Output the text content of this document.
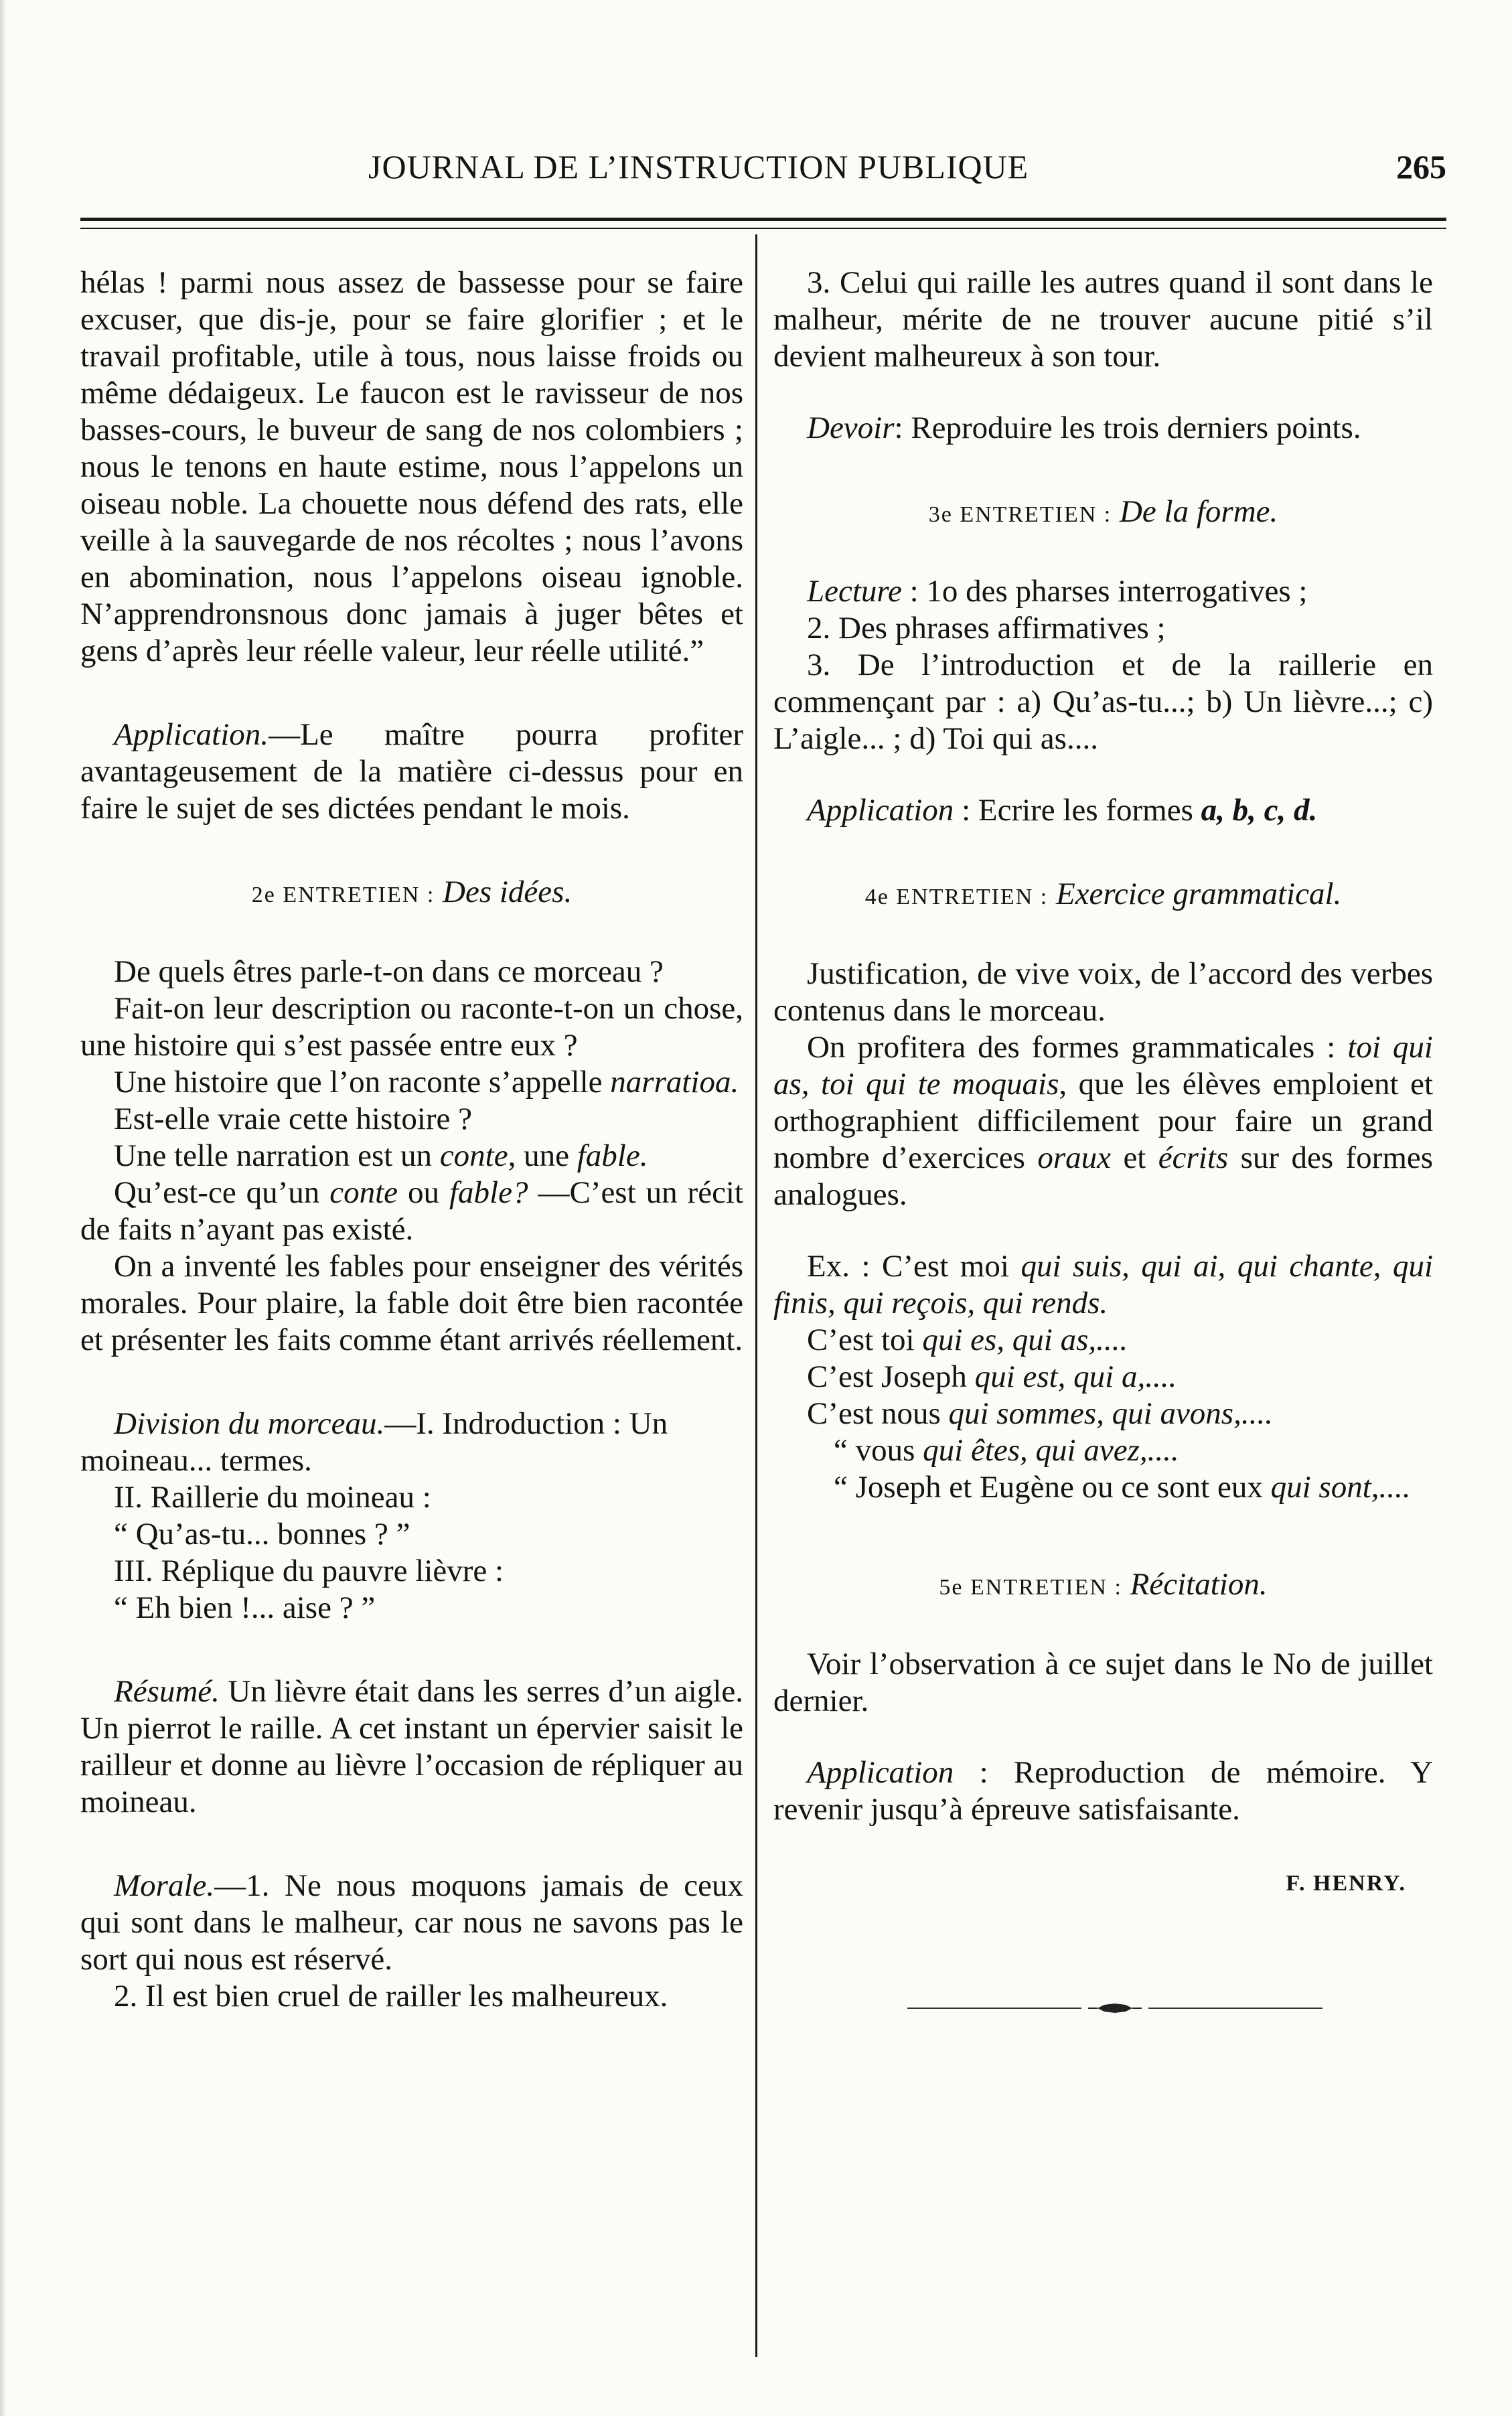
JOURNAL DE L’INSTRUCTION PUBLIQUE	265

hélas ! parmi nous assez de bassesse pour se faire excuser, que dis-je, pour se faire glorifier ; et le travail profitable, utile à tous, nous laisse froids ou même dédaigeux. Le faucon est le ravisseur de nos basses-cours, le buveur de sang de nos colombiers ; nous le tenons en haute estime, nous l’appelons un oiseau noble. La chouette nous défend des rats, elle veille à la sauvegarde de nos récoltes ; nous l’avons en abomination, nous l’appelons oiseau ignoble. N’apprendronsnous donc jamais à juger bêtes et gens d’après leur réelle valeur, leur réelle utilité.”

Application.—Le maître pourra profiter avantageusement de la matière ci-dessus pour en faire le sujet de ses dictées pendant le mois.

2e ENTRETIEN : Des idées.

De quels êtres parle-t-on dans ce morceau ?

Fait-on leur description ou raconte-t-on un chose, une histoire qui s’est passée entre eux ?

Une histoire que l’on raconte s’appelle narratioa.

Est-elle vraie cette histoire ?

Une telle narration est un conte, une fable.

Qu’est-ce qu’un conte ou fable? —C’est un récit de faits n’ayant pas existé.

On a inventé les fables pour enseigner des vérités morales. Pour plaire, la fable doit être bien racontée et présenter les faits comme étant arrivés réellement.

Division du morceau.—I. Indroduction : Un moineau... termes.

II. Raillerie du moineau :

“ Qu’as-tu... bonnes ? ”

III. Réplique du pauvre lièvre :

“ Eh bien !... aise ? ”

Résumé. Un lièvre était dans les serres d’un aigle. Un pierrot le raille. A cet instant un épervier saisit le railleur et donne au lièvre l’occasion de répliquer au moineau.

Morale.—1. Ne nous moquons jamais de ceux qui sont dans le malheur, car nous ne savons pas le sort qui nous est réservé.

2. Il est bien cruel de railler les malheureux.

3. Celui qui raille les autres quand il sont dans le malheur, mérite de ne trouver aucune pitié s’il devient malheureux à son tour.

Devoir: Reproduire les trois derniers points.

3e ENTRETIEN : De la forme.

Lecture : 1o des pharses interrogatives ;

2. Des phrases affirmatives ;

3. De l’introduction et de la raillerie en commençant par : a) Qu’as-tu...; b) Un lièvre...; c) L’aigle... ; d) Toi qui as....

Application : Ecrire les formes a, b, c, d.

4e ENTRETIEN : Exercice grammatical.

Justification, de vive voix, de l’accord des verbes contenus dans le morceau.

On profitera des formes grammaticales : toi qui as, toi qui te moquais, que les élèves emploient et orthographient difficilement pour faire un grand nombre d’exercices oraux et écrits sur des formes analogues.

Ex. : C’est moi qui suis, qui ai, qui chante, qui finis, qui reçois, qui rends.

C’est toi qui es, qui as,....

C’est Joseph qui est, qui a,....

C’est nous qui sommes, qui avons,....

“ vous qui êtes, qui avez,....

“ Joseph et Eugène ou ce sont eux qui sont,....

5e ENTRETIEN : Récitation.

Voir l’observation à ce sujet dans le No de juillet dernier.

Application : Reproduction de mémoire. Y revenir jusqu’à épreuve satisfaisante.

F. HENRY.
